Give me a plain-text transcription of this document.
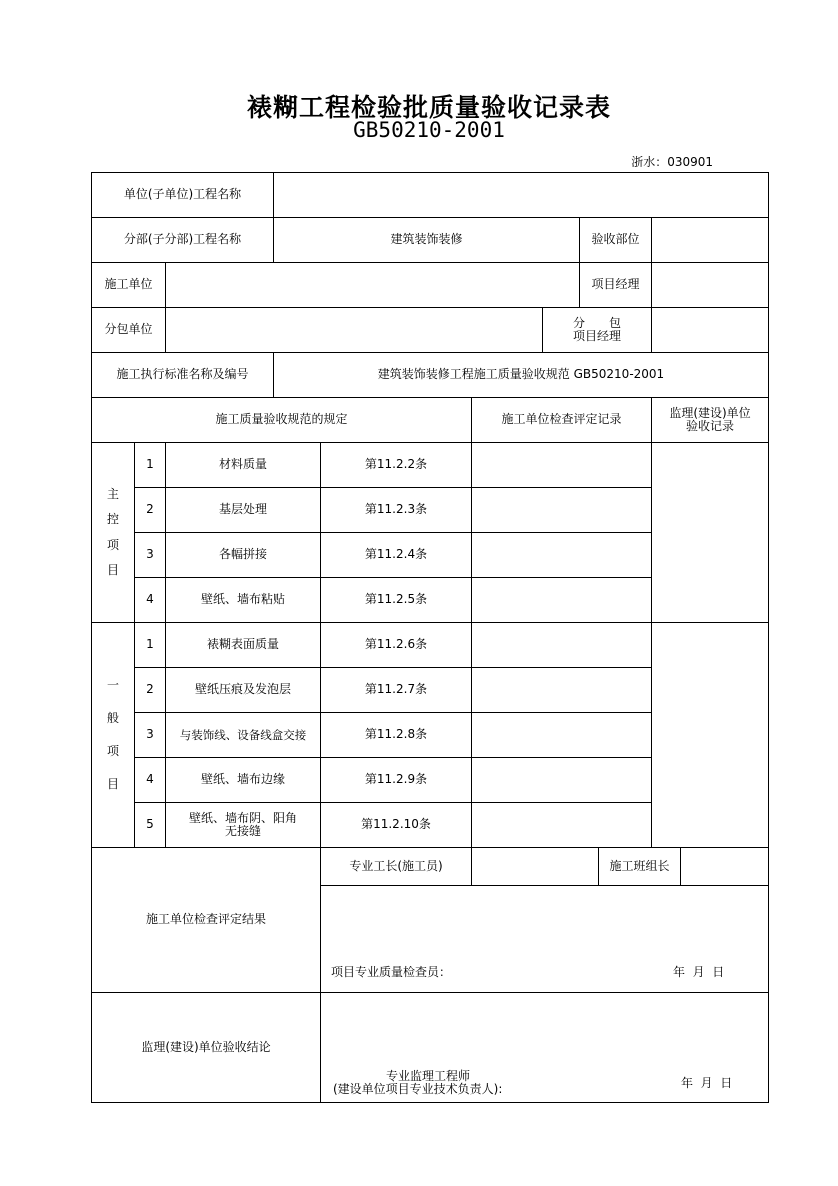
裱糊工程检验批质量验收记录表
GB50210-2001
浙水：030901
单位(子单位)工程名称
分部(子分部)工程名称	建筑装饰装修	验收部位
施工单位	项目经理
分包单位	分　　包
项目经理
施工执行标准名称及编号	建筑装饰装修工程施工质量验收规范 GB50210-2001
施工质量验收规范的规定	施工单位检查评定记录	监理(建设)单位
验收记录
主
控
项
目
1	材料质量	第11.2.2条
2	基层处理	第11.2.3条
3	各幅拼接	第11.2.4条
4	壁纸、墙布粘贴	第11.2.5条
一
般
项
目
1	裱糊表面质量	第11.2.6条
2	壁纸压痕及发泡层	第11.2.7条
3	与装饰线、设备线盒交接	第11.2.8条
4	壁纸、墙布边缘	第11.2.9条
5	壁纸、墙布阴、阳角
无接缝	第11.2.10条
施工单位检查评定结果
专业工长(施工员)	施工班组长
项目专业质量检查员：	年  月  日
监理(建设)单位验收结论
专业监理工程师
(建设单位项目专业技术负责人):	年  月  日
